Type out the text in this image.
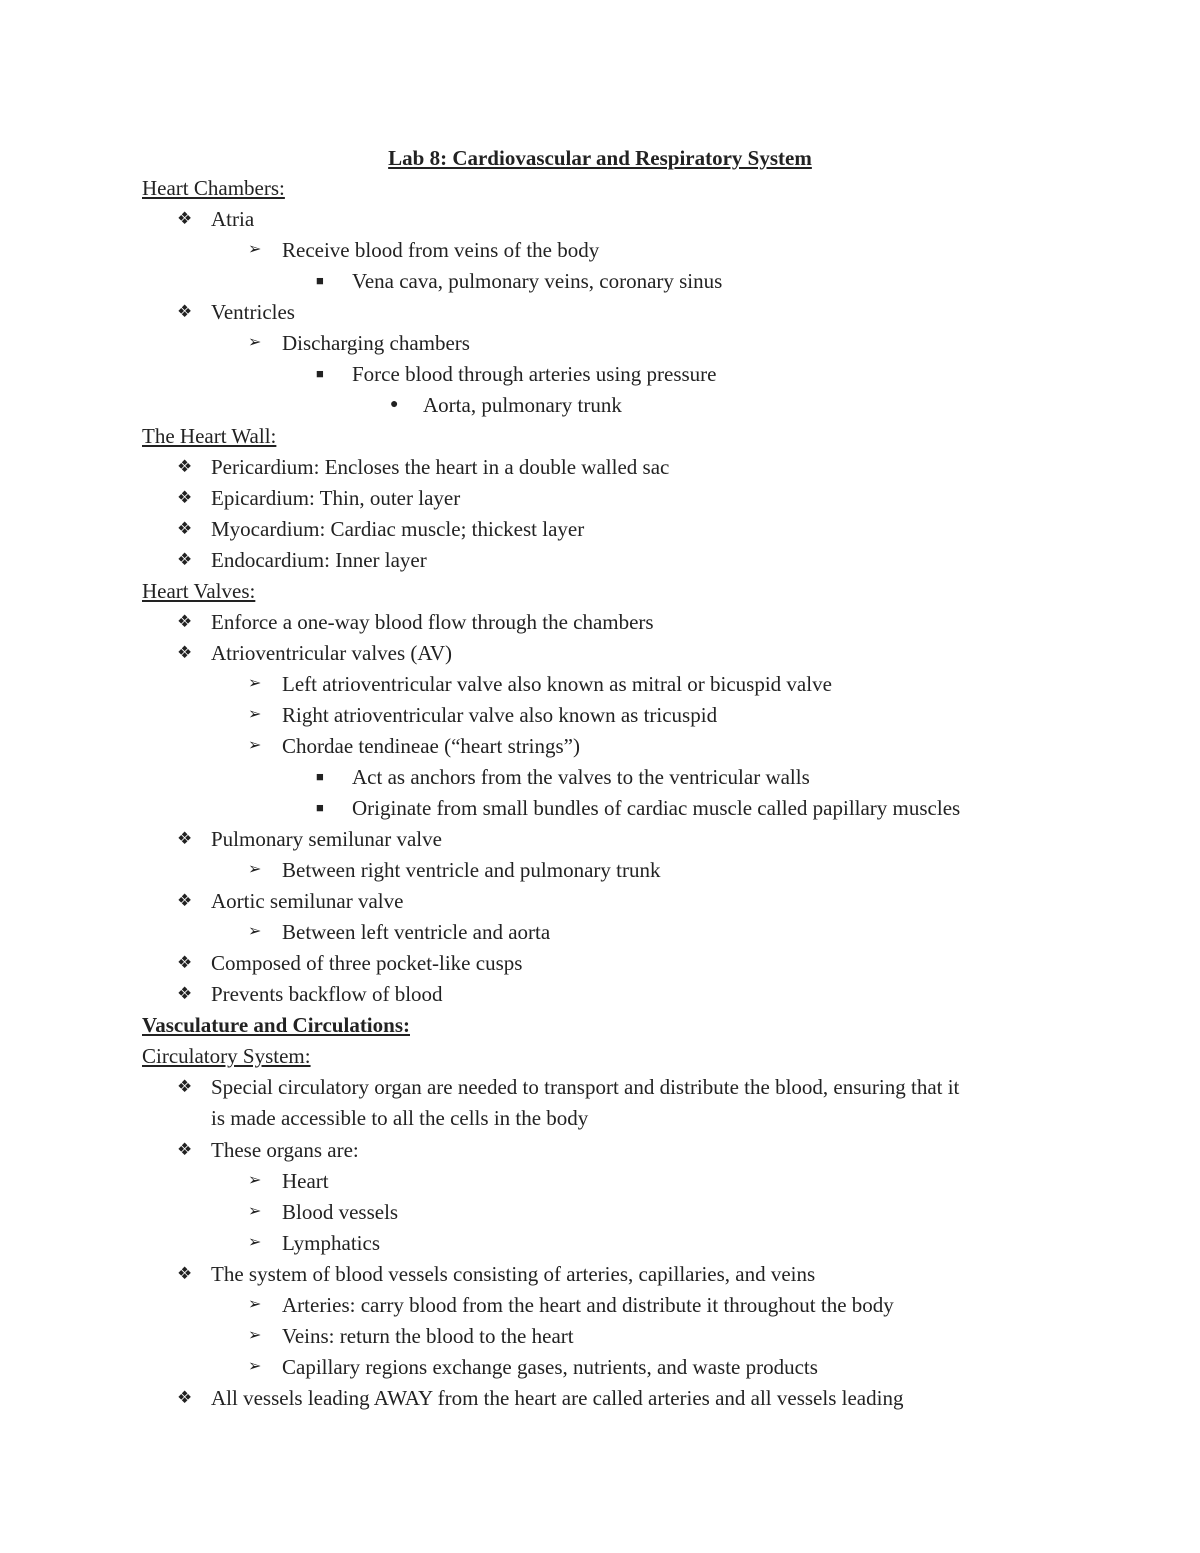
Lab 8: Cardiovascular and Respiratory System
Heart Chambers:
❖ Atria
➢ Receive blood from veins of the body
■ Vena cava, pulmonary veins, coronary sinus
❖ Ventricles
➢ Discharging chambers
■ Force blood through arteries using pressure
● Aorta, pulmonary trunk
The Heart Wall:
❖ Pericardium: Encloses the heart in a double walled sac
❖ Epicardium: Thin, outer layer
❖ Myocardium: Cardiac muscle; thickest layer
❖ Endocardium: Inner layer
Heart Valves:
❖ Enforce a one-way blood flow through the chambers
❖ Atrioventricular valves (AV)
➢ Left atrioventricular valve also known as mitral or bicuspid valve
➢ Right atrioventricular valve also known as tricuspid
➢ Chordae tendineae (“heart strings”)
■ Act as anchors from the valves to the ventricular walls
■ Originate from small bundles of cardiac muscle called papillary muscles
❖ Pulmonary semilunar valve
➢ Between right ventricle and pulmonary trunk
❖ Aortic semilunar valve
➢ Between left ventricle and aorta
❖ Composed of three pocket-like cusps
❖ Prevents backflow of blood
Vasculature and Circulations:
Circulatory System:
❖ Special circulatory organ are needed to transport and distribute the blood, ensuring that it
is made accessible to all the cells in the body
❖ These organs are:
➢ Heart
➢ Blood vessels
➢ Lymphatics
❖ The system of blood vessels consisting of arteries, capillaries, and veins
➢ Arteries: carry blood from the heart and distribute it throughout the body
➢ Veins: return the blood to the heart
➢ Capillary regions exchange gases, nutrients, and waste products
❖ All vessels leading AWAY from the heart are called arteries and all vessels leading
